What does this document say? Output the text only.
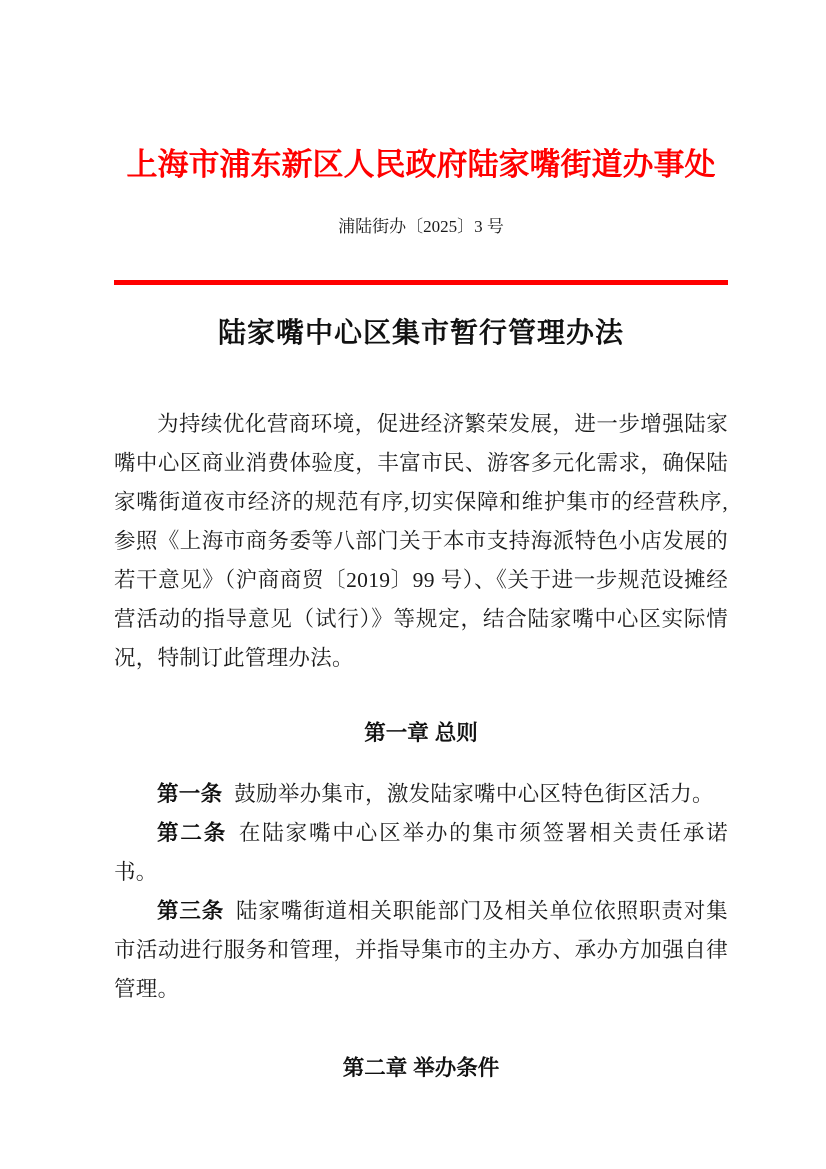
上海市浦东新区人民政府陆家嘴街道办事处
浦陆街办〔2025〕3 号
陆家嘴中心区集市暂行管理办法

为持续优化营商环境，促进经济繁荣发展，进一步增强陆家嘴中心区商业消费体验度，丰富市民、游客多元化需求，确保陆家嘴街道夜市经济的规范有序,切实保障和维护集市的经营秩序,参照《上海市商务委等八部门关于本市支持海派特色小店发展的若干意见》（沪商商贸〔2019〕99 号）、《关于进一步规范设摊经营活动的指导意见（试行）》等规定，结合陆家嘴中心区实际情况，特制订此管理办法。

第一章 总则

第一条 鼓励举办集市，激发陆家嘴中心区特色街区活力。

第二条 在陆家嘴中心区举办的集市须签署相关责任承诺书。

第三条 陆家嘴街道相关职能部门及相关单位依照职责对集市活动进行服务和管理，并指导集市的主办方、承办方加强自律管理。

第二章 举办条件
